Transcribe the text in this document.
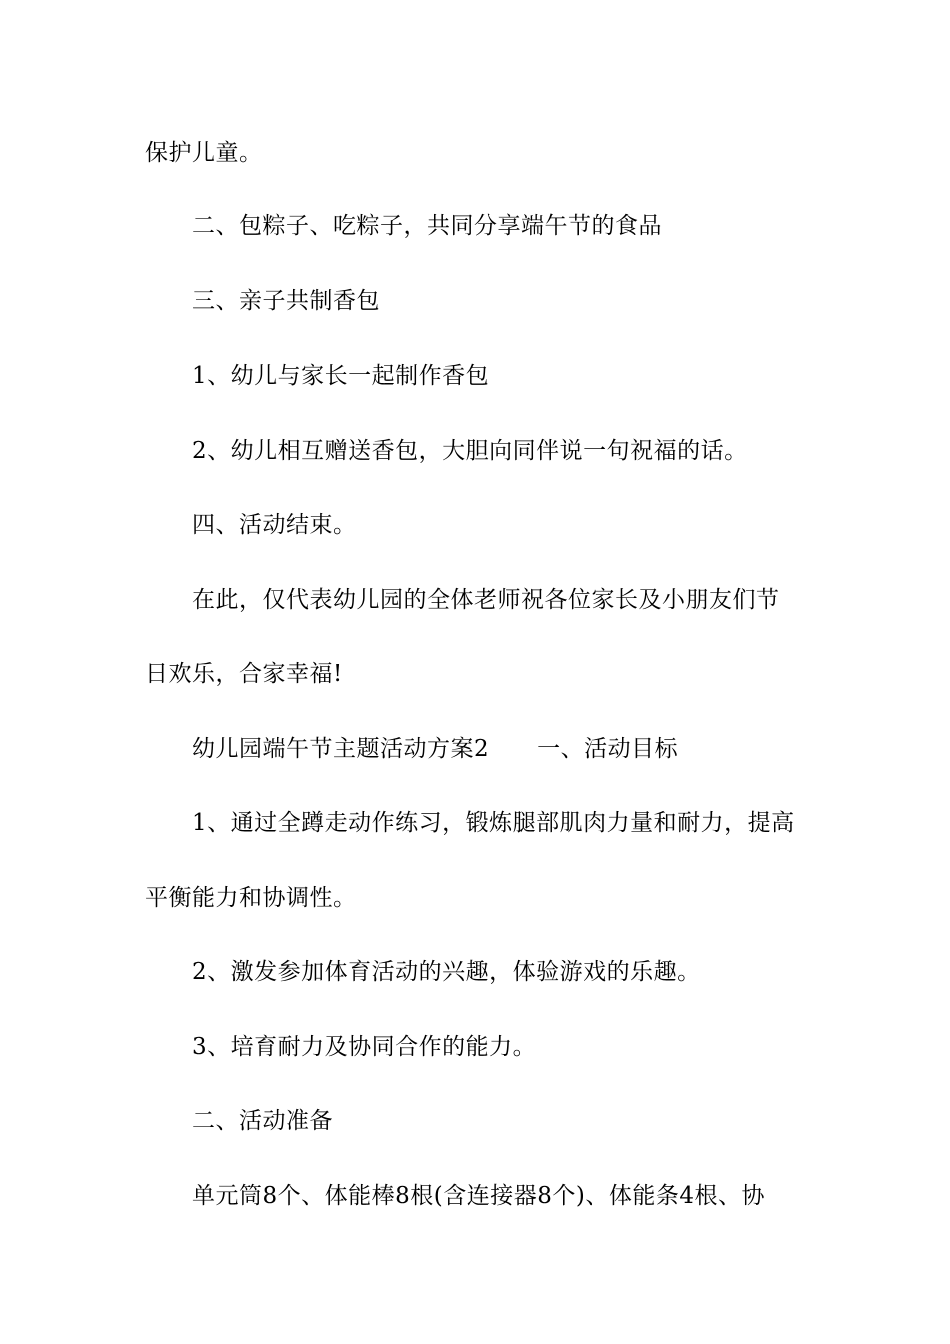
保护儿童。
二、包粽子、吃粽子，共同分享端午节的食品
三、亲子共制香包
1、幼儿与家长一起制作香包
2、幼儿相互赠送香包，大胆向同伴说一句祝福的话。
四、活动结束。
在此，仅代表幼儿园的全体老师祝各位家长及小朋友们节
日欢乐，合家幸福!
幼儿园端午节主题活动方案2 一、活动目标
1、通过全蹲走动作练习，锻炼腿部肌肉力量和耐力，提高
平衡能力和协调性。
2、激发参加体育活动的兴趣，体验游戏的乐趣。
3、培育耐力及协同合作的能力。
二、活动准备
单元筒8个、体能棒8根(含连接器8个)、体能条4根、协
